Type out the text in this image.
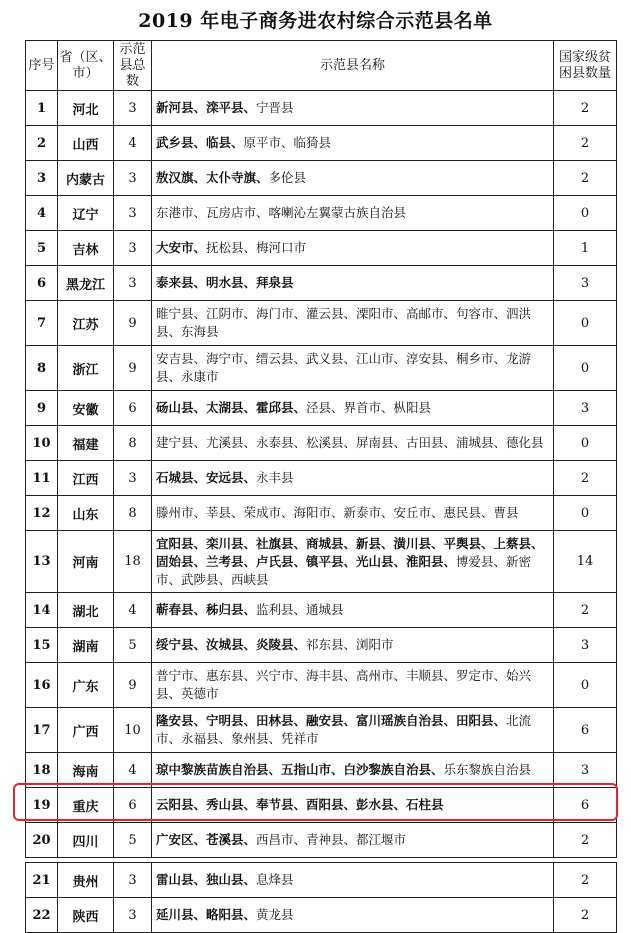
2019 年电子商务进农村综合示范县名单
序号	省（区、市）	示范县总数	示范县名称	国家级贫困县数量
1	河北	3	新河县、滦平县、宁晋县	2
2	山西	4	武乡县、临县、原平市、临猗县	2
3	内蒙古	3	敖汉旗、太仆寺旗、多伦县	2
4	辽宁	3	东港市、瓦房店市、喀喇沁左翼蒙古族自治县	0
5	吉林	3	大安市、抚松县、梅河口市	1
6	黑龙江	3	泰来县、明水县、拜泉县	3
7	江苏	9	睢宁县、江阴市、海门市、灌云县、溧阳市、高邮市、句容市、泗洪县、东海县	0
8	浙江	9	安吉县、海宁市、缙云县、武义县、江山市、淳安县、桐乡市、龙游县、永康市	0
9	安徽	6	砀山县、太湖县、霍邱县、泾县、界首市、枞阳县	3
10	福建	8	建宁县、尤溪县、永泰县、松溪县、屏南县、古田县、浦城县、德化县	0
11	江西	3	石城县、安远县、永丰县	2
12	山东	8	滕州市、莘县、荣成市、海阳市、新泰市、安丘市、惠民县、曹县	0
13	河南	18	宜阳县、栾川县、社旗县、商城县、新县、潢川县、平舆县、上蔡县、固始县、兰考县、卢氏县、镇平县、光山县、淮阳县、博爱县、新密市、武陟县、西峡县	14
14	湖北	4	蕲春县、秭归县、监利县、通城县	2
15	湖南	5	绥宁县、汝城县、炎陵县、祁东县、浏阳市	3
16	广东	9	普宁市、惠东县、兴宁市、海丰县、高州市、丰顺县、罗定市、始兴县、英德市	0
17	广西	10	隆安县、宁明县、田林县、融安县、富川瑶族自治县、田阳县、北流市、永福县、象州县、凭祥市	6
18	海南	4	琼中黎族苗族自治县、五指山市、白沙黎族自治县、乐东黎族自治县	3
19	重庆	6	云阳县、秀山县、奉节县、酉阳县、彭水县、石柱县	6
20	四川	5	广安区、苍溪县、西昌市、青神县、都江堰市	2

21	贵州	3	雷山县、独山县、息烽县	2
22	陕西	3	延川县、略阳县、黄龙县	2
